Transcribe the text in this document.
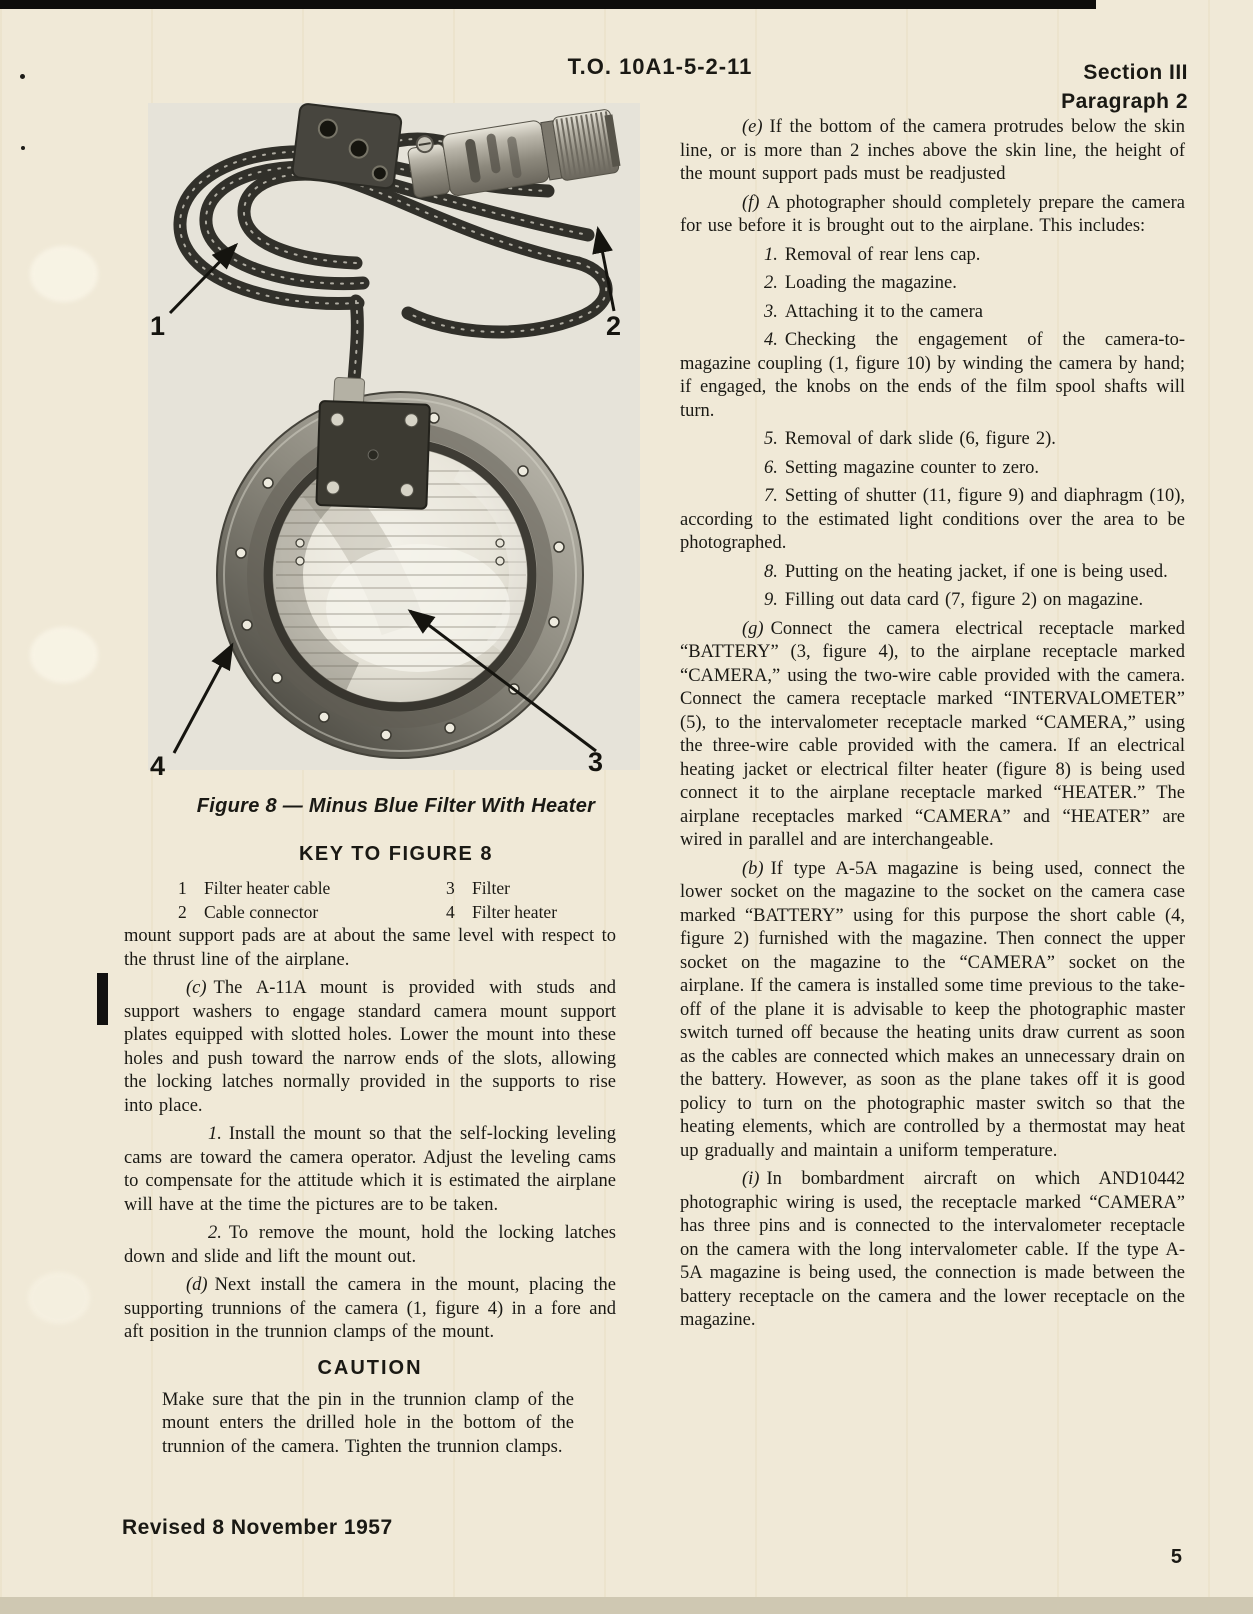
T.O. 10A1-5-2-11	Section III
Paragraph 2
1	2
3
4
Figure 8 — Minus Blue Filter With Heater
KEY TO FIGURE 8
1 Filter heater cable	3 Filter
2 Cable connector	4 Filter heater

mount support pads are at about the same level with respect to the thrust line of the airplane.

(c) The A-11A mount is provided with studs and support washers to engage standard camera mount support plates equipped with slotted holes. Lower the mount into these holes and push toward the narrow ends of the slots, allowing the locking latches normally provided in the supports to rise into place.

1. Install the mount so that the self-locking leveling cams are toward the camera operator. Adjust the leveling cams to compensate for the attitude which it is estimated the airplane will have at the time the pictures are to be taken.

2. To remove the mount, hold the locking latches down and slide and lift the mount out.

(d) Next install the camera in the mount, placing the supporting trunnions of the camera (1, figure 4) in a fore and aft position in the trunnion clamps of the mount.

CAUTION

Make sure that the pin in the trunnion clamp of the mount enters the drilled hole in the bottom of the trunnion of the camera. Tighten the trunnion clamps.

(e) If the bottom of the camera protrudes below the skin line, or is more than 2 inches above the skin line, the height of the mount support pads must be readjusted

(f) A photographer should completely prepare the camera for use before it is brought out to the airplane. This includes:

1. Removal of rear lens cap.

2. Loading the magazine.

3. Attaching it to the camera

4. Checking the engagement of the camera-to-magazine coupling (1, figure 10) by winding the camera by hand; if engaged, the knobs on the ends of the film spool shafts will turn.

5. Removal of dark slide (6, figure 2).

6. Setting magazine counter to zero.

7. Setting of shutter (11, figure 9) and diaphragm (10), according to the estimated light conditions over the area to be photographed.

8. Putting on the heating jacket, if one is being used.

9. Filling out data card (7, figure 2) on magazine.

(g) Connect the camera electrical receptacle marked “BATTERY” (3, figure 4), to the airplane receptacle marked “CAMERA,” using the two-wire cable provided with the camera. Connect the camera receptacle marked “INTERVALOMETER” (5), to the intervalometer receptacle marked “CAMERA,” using the three-wire cable provided with the camera. If an electrical heating jacket or electrical filter heater (figure 8) is being used connect it to the airplane receptacle marked “HEATER.” The airplane receptacles marked “CAMERA” and “HEATER” are wired in parallel and are interchangeable.

(b) If type A-5A magazine is being used, connect the lower socket on the magazine to the socket on the camera case marked “BATTERY” using for this purpose the short cable (4, figure 2) furnished with the magazine. Then connect the upper socket on the magazine to the “CAMERA” socket on the airplane. If the camera is installed some time previous to the take-off of the plane it is advisable to keep the photographic master switch turned off because the heating units draw current as soon as the cables are connected which makes an unnecessary drain on the battery. However, as soon as the plane takes off it is good policy to turn on the photographic master switch so that the heating elements, which are controlled by a thermostat may heat up gradually and maintain a uniform temperature.

(i) In bombardment aircraft on which AND10442 photographic wiring is used, the receptacle marked “CAMERA” has three pins and is connected to the intervalometer receptacle on the camera with the long intervalometer cable. If the type A-5A magazine is being used, the connection is made between the battery receptacle on the camera and the lower receptacle on the magazine.

Revised 8 November 1957
5
